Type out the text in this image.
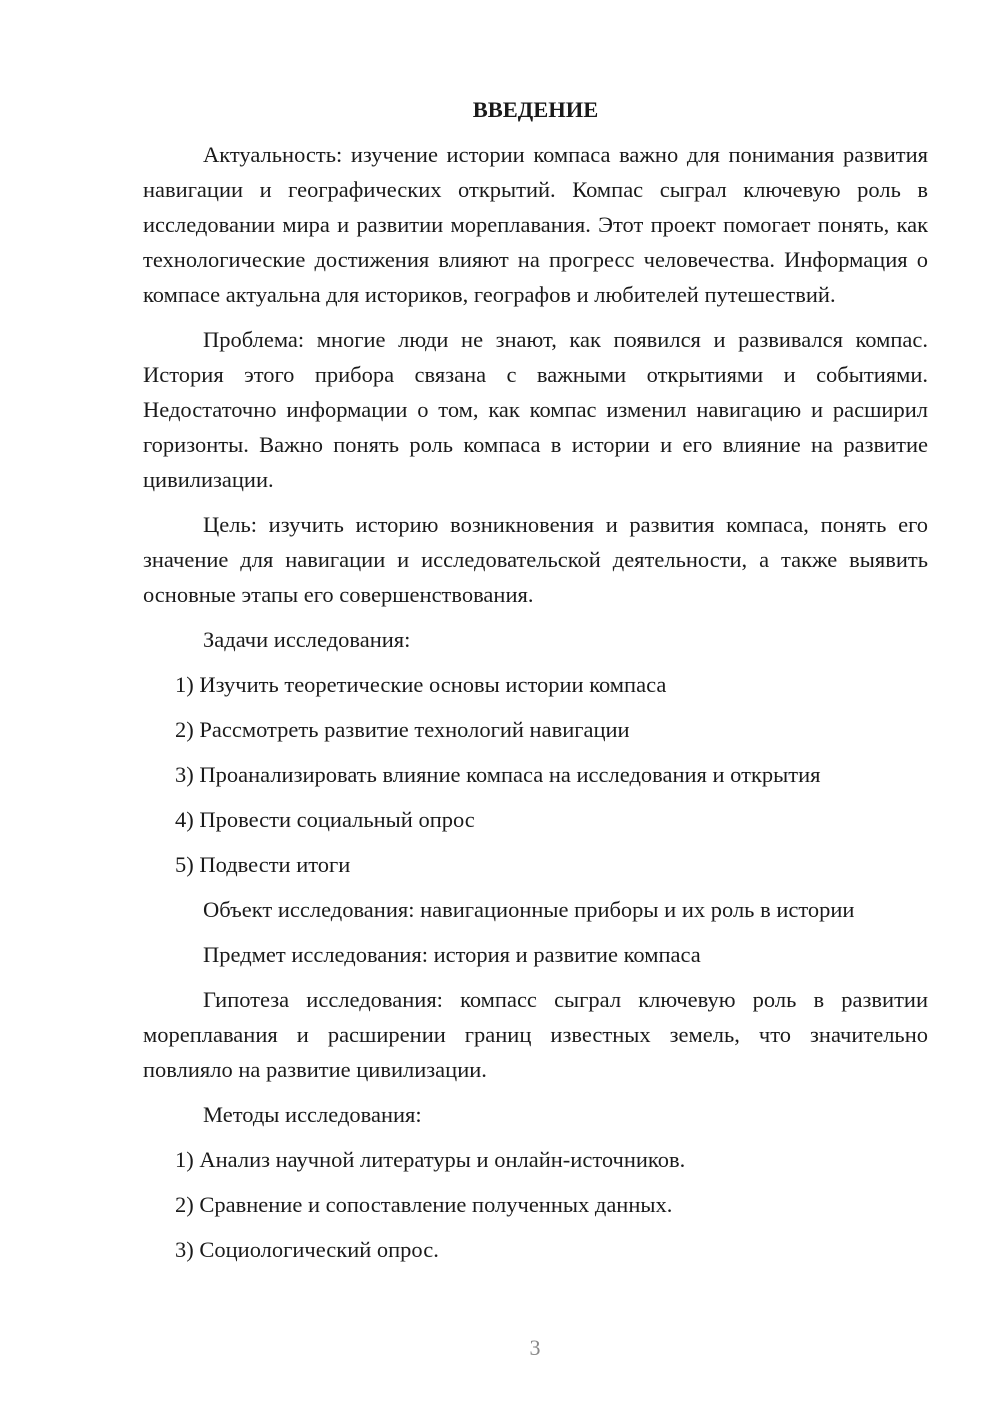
ВВЕДЕНИЕ

Актуальность: изучение истории компаса важно для понимания развития навигации и географических открытий. Компас сыграл ключевую роль в исследовании мира и развитии мореплавания. Этот проект помогает понять, как технологические достижения влияют на прогресс человечества. Информация о компасе актуальна для историков, географов и любителей путешествий.

Проблема: многие люди не знают, как появился и развивался компас. История этого прибора связана с важными открытиями и событиями. Недостаточно информации о том, как компас изменил навигацию и расширил горизонты. Важно понять роль компаса в истории и его влияние на развитие цивилизации.

Цель: изучить историю возникновения и развития компаса, понять его значение для навигации и исследовательской деятельности, а также выявить основные этапы его совершенствования.

Задачи исследования:

1) Изучить теоретические основы истории компаса

2) Рассмотреть развитие технологий навигации

3) Проанализировать влияние компаса на исследования и открытия

4) Провести социальный опрос

5) Подвести итоги

Объект исследования: навигационные приборы и их роль в истории

Предмет исследования: история и развитие компаса

Гипотеза исследования: компасс сыграл ключевую роль в развитии мореплавания и расширении границ известных земель, что значительно повлияло на развитие цивилизации.

Методы исследования:

1) Анализ научной литературы и онлайн-источников.

2) Сравнение и сопоставление полученных данных.

3) Социологический опрос.

3
